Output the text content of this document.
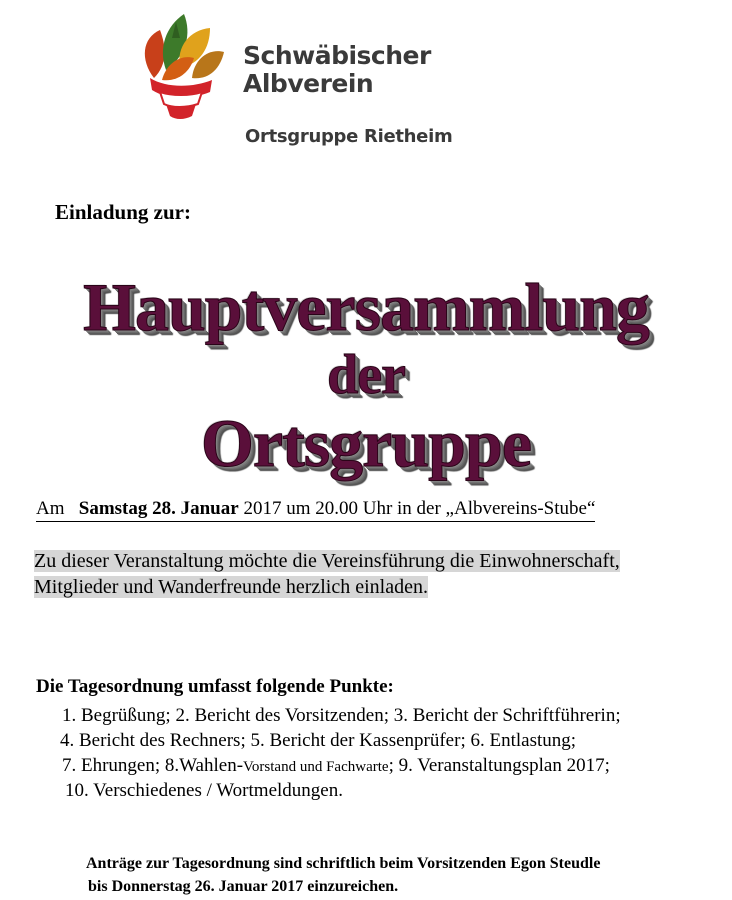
Schwäbischer
Albverein
Ortsgruppe Rietheim
Einladung zur:
Hauptversammlung
der
Ortsgruppe
Am Samstag 28. Januar 2017 um 20.00 Uhr in der „Albvereins-Stube“
Zu dieser Veranstaltung möchte die Vereinsführung die Einwohnerschaft,
Mitglieder und Wanderfreunde herzlich einladen.
Die Tagesordnung umfasst folgende Punkte:
1. Begrüßung; 2. Bericht des Vorsitzenden; 3. Bericht der Schriftführerin;
4. Bericht des Rechners; 5. Bericht der Kassenprüfer; 6. Entlastung;
7. Ehrungen; 8.Wahlen-Vorstand und Fachwarte; 9. Veranstaltungsplan 2017;
10. Verschiedenes / Wortmeldungen.
Anträge zur Tagesordnung sind schriftlich beim Vorsitzenden Egon Steudle
bis Donnerstag 26. Januar 2017 einzureichen.
